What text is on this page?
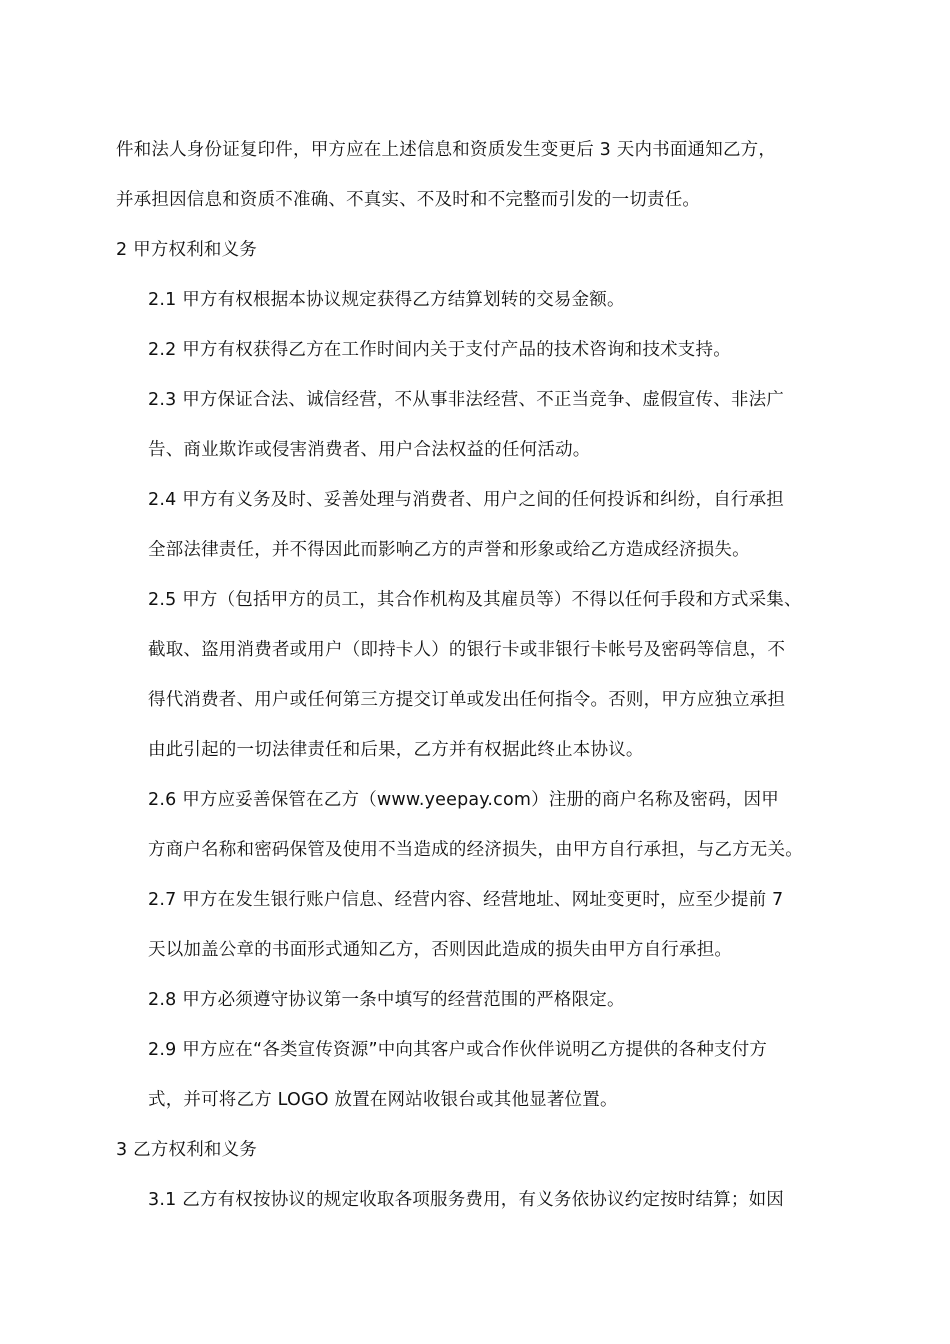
件和法人身份证复印件，甲方应在上述信息和资质发生变更后 3 天内书面通知乙方，
并承担因信息和资质不准确、不真实、不及时和不完整而引发的一切责任。
2 甲方权利和义务
2.1 甲方有权根据本协议规定获得乙方结算划转的交易金额。
2.2 甲方有权获得乙方在工作时间内关于支付产品的技术咨询和技术支持。
2.3 甲方保证合法、诚信经营，不从事非法经营、不正当竞争、虚假宣传、非法广
告、商业欺诈或侵害消费者、用户合法权益的任何活动。
2.4 甲方有义务及时、妥善处理与消费者、用户之间的任何投诉和纠纷，自行承担
全部法律责任，并不得因此而影响乙方的声誉和形象或给乙方造成经济损失。
2.5 甲方（包括甲方的员工，其合作机构及其雇员等）不得以任何手段和方式采集、
截取、盗用消费者或用户（即持卡人）的银行卡或非银行卡帐号及密码等信息，不
得代消费者、用户或任何第三方提交订单或发出任何指令。否则，甲方应独立承担
由此引起的一切法律责任和后果，乙方并有权据此终止本协议。
2.6 甲方应妥善保管在乙方（www.yeepay.com）注册的商户名称及密码，因甲
方商户名称和密码保管及使用不当造成的经济损失，由甲方自行承担，与乙方无关。
2.7 甲方在发生银行账户信息、经营内容、经营地址、网址变更时，应至少提前 7
天以加盖公章的书面形式通知乙方，否则因此造成的损失由甲方自行承担。
2.8 甲方必须遵守协议第一条中填写的经营范围的严格限定。
2.9 甲方应在“各类宣传资源”中向其客户或合作伙伴说明乙方提供的各种支付方
式，并可将乙方 LOGO 放置在网站收银台或其他显著位置。
3 乙方权利和义务
3.1 乙方有权按协议的规定收取各项服务费用，有义务依协议约定按时结算；如因
